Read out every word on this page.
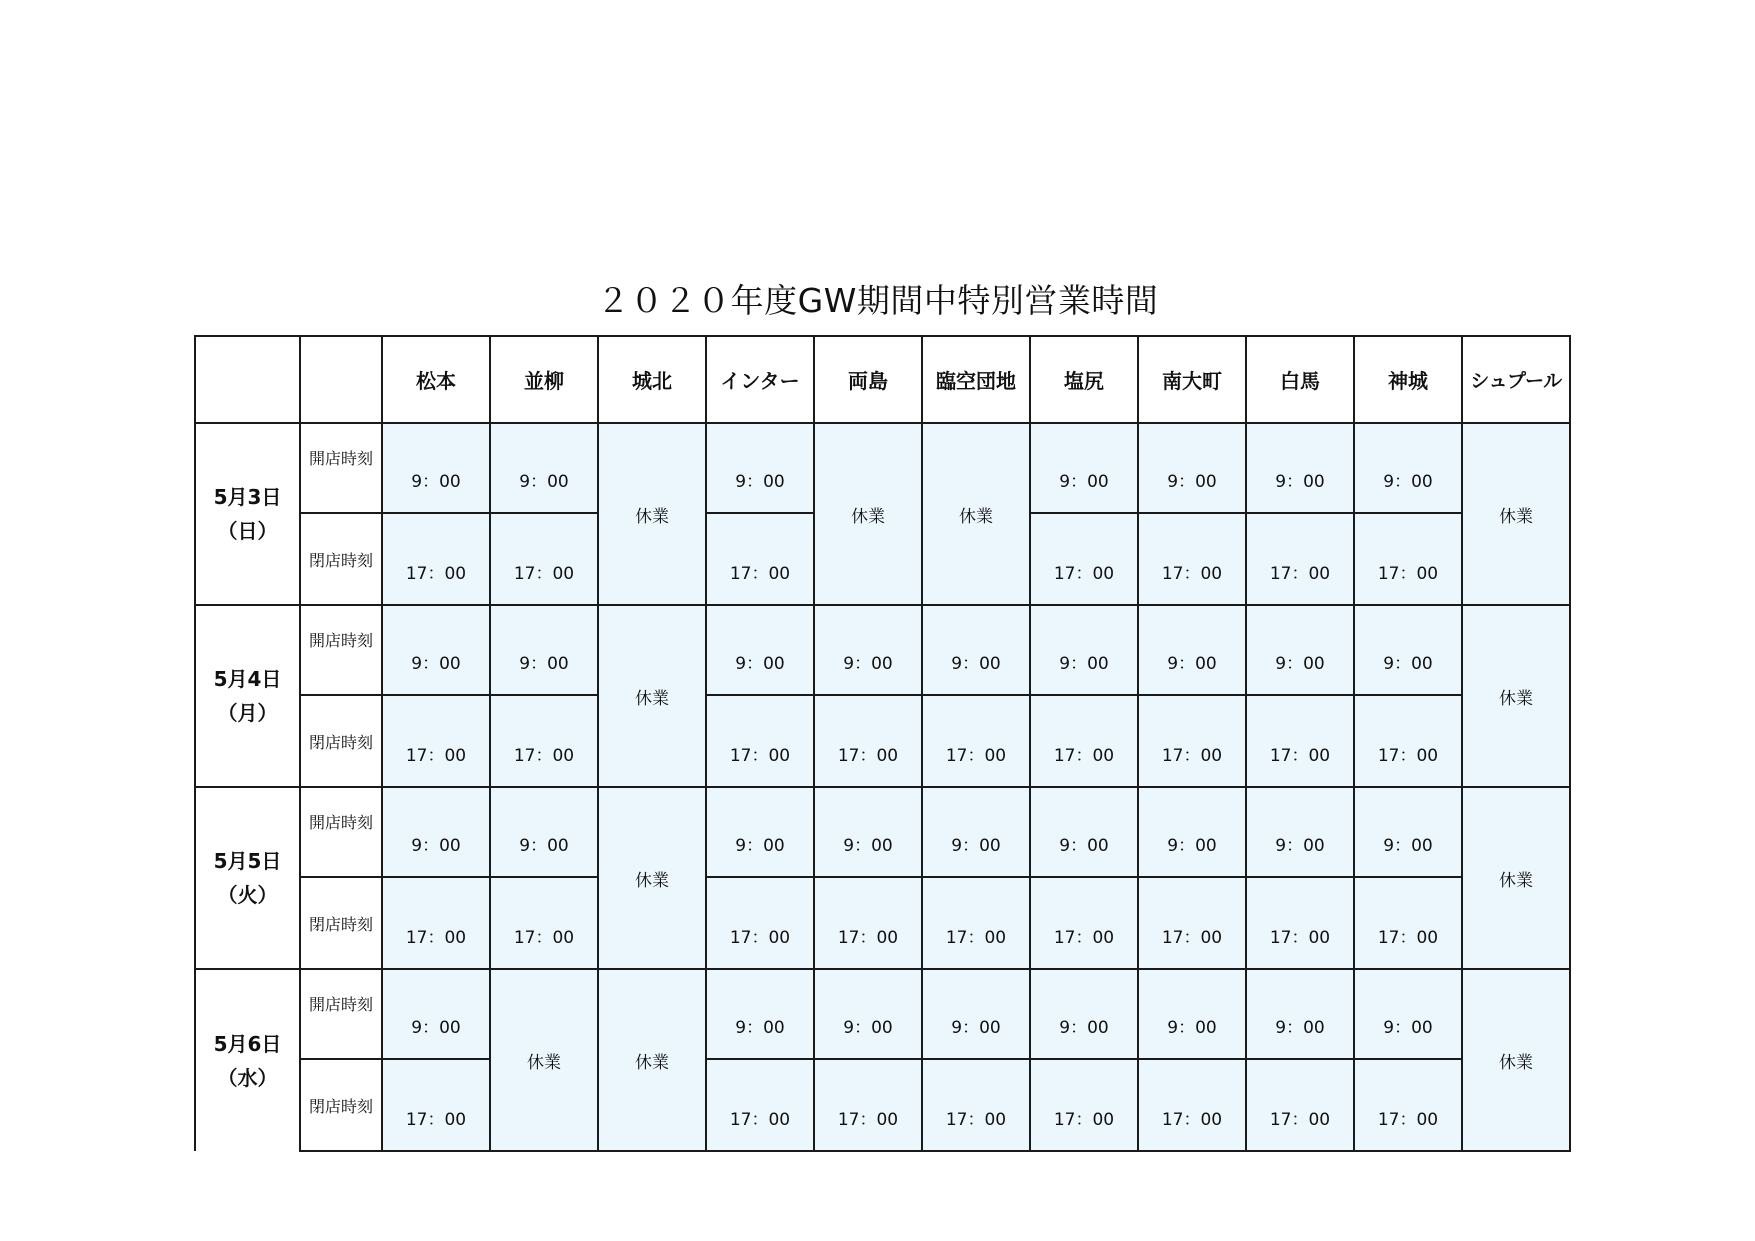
２０２０年度GW期間中特別営業時間
		松本	並柳	城北	インター	両島	臨空団地	塩尻	南大町	白馬	神城	シュプール

5月3日
（日）	開店時刻	9：00	9：00	休業	9：00	休業	休業	9：00	9：00	9：00	9：00	休業
	閉店時刻	17：00	17：00		17：00			17：00	17：00	17：00	17：00	

5月4日
（月）	開店時刻	9：00	9：00	休業	9：00	9：00	9：00	9：00	9：00	9：00	9：00	休業
	閉店時刻	17：00	17：00		17：00	17：00	17：00	17：00	17：00	17：00	17：00	

5月5日
（火）	開店時刻	9：00	9：00	休業	9：00	9：00	9：00	9：00	9：00	9：00	9：00	休業
	閉店時刻	17：00	17：00		17：00	17：00	17：00	17：00	17：00	17：00	17：00	

5月6日
（水）	開店時刻	9：00	休業	休業	9：00	9：00	9：00	9：00	9：00	9：00	9：00	休業
	閉店時刻	17：00			17：00	17：00	17：00	17：00	17：00	17：00	17：00	
